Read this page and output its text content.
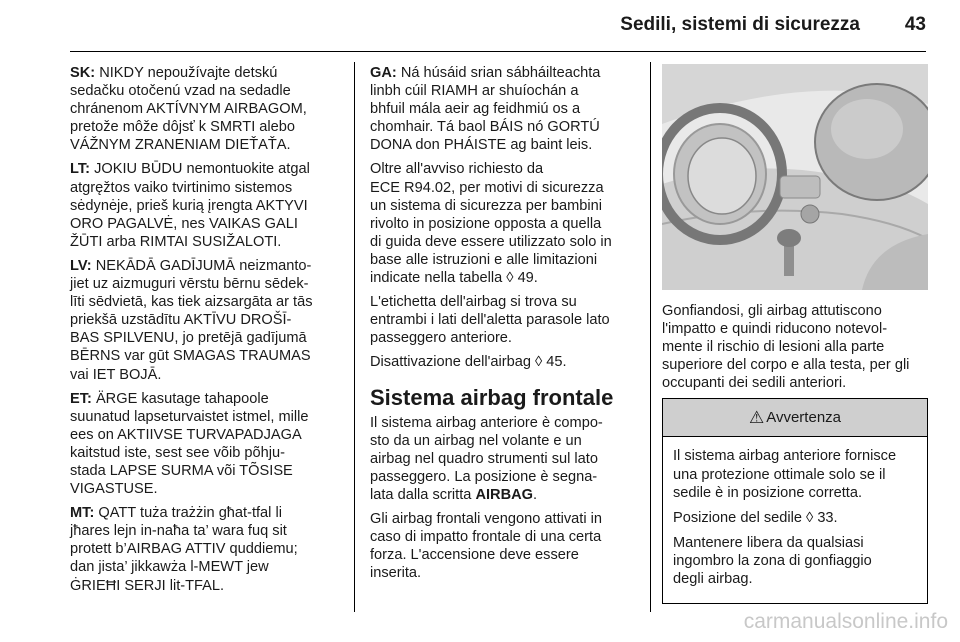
Sedili, sistemi di sicurezza 43
SK: NIKDY nepoužívajte detskú
sedačku otočenú vzad na sedadle
chránenom AKTÍVNYM AIRBAGOM,
pretože môže dôjsť k SMRTI alebo
VÁŽNYM ZRANENIAM DIEŤAŤA.
LT: JOKIU BŪDU nemontuokite atgal
atgręžtos vaiko tvirtinimo sistemos
sėdynėje, prieš kurią įrengta AKTYVI
ORO PAGALVĖ, nes VAIKAS GALI
ŽŪTI arba RIMTAI SUSIŽALOTI.
LV: NEKĀDĀ GADĪJUMĀ neizmanto-
jiet uz aizmuguri vērstu bērnu sēdek-
līti sēdvietā, kas tiek aizsargāta ar tās
priekšā uzstādītu AKTĪVU DROŠĪ-
BAS SPILVENU, jo pretējā gadījumā
BĒRNS var gūt SMAGAS TRAUMAS
vai IET BOJĀ.
ET: ÄRGE kasutage tahapoole
suunatud lapseturvaistet istmel, mille
ees on AKTIIVSE TURVAPADJAGA
kaitstud iste, sest see võib põhju-
stada LAPSE SURMA või TÕSISE
VIGASTUSE.
MT: QATT tuża trażżin għat-tfal li
jħares lejn in-naħa ta’ wara fuq sit
protett b’AIRBAG ATTIV quddiemu;
dan jista’ jikkawża l-MEWT jew
ĠRIEĦI SERJI lit-TFAL.
GA: Ná húsáid srian sábháilteachta
linbh cúil RIAMH ar shuíochán a
bhfuil mála aeir ag feidhmiú os a
chomhair. Tá baol BÁIS nó GORTÚ
DONA don PHÁISTE ag baint leis.
Oltre all'avviso richiesto da
ECE R94.02, per motivi di sicurezza
un sistema di sicurezza per bambini
rivolto in posizione opposta a quella
di guida deve essere utilizzato solo in
base alle istruzioni e alle limitazioni
indicate nella tabella ◊ 49.
L'etichetta dell'airbag si trova su
entrambi i lati dell'aletta parasole lato
passeggero anteriore.
Disattivazione dell'airbag ◊ 45.
Sistema airbag frontale
Il sistema airbag anteriore è compo-
sto da un airbag nel volante e un
airbag nel quadro strumenti sul lato
passeggero. La posizione è segna-
lata dalla scritta AIRBAG.
Gli airbag frontali vengono attivati in
caso di impatto frontale di una certa
forza. L'accensione deve essere
inserita.
Gonfiandosi, gli airbag attutiscono
l'impatto e quindi riducono notevol-
mente il rischio di lesioni alla parte
superiore del corpo e alla testa, per gli
occupanti dei sedili anteriori.
⚠ Avvertenza
Il sistema airbag anteriore fornisce
una protezione ottimale solo se il
sedile è in posizione corretta.
Posizione del sedile ◊ 33.
Mantenere libera da qualsiasi
ingombro la zona di gonfiaggio
degli airbag.
carmanualsonline.info
